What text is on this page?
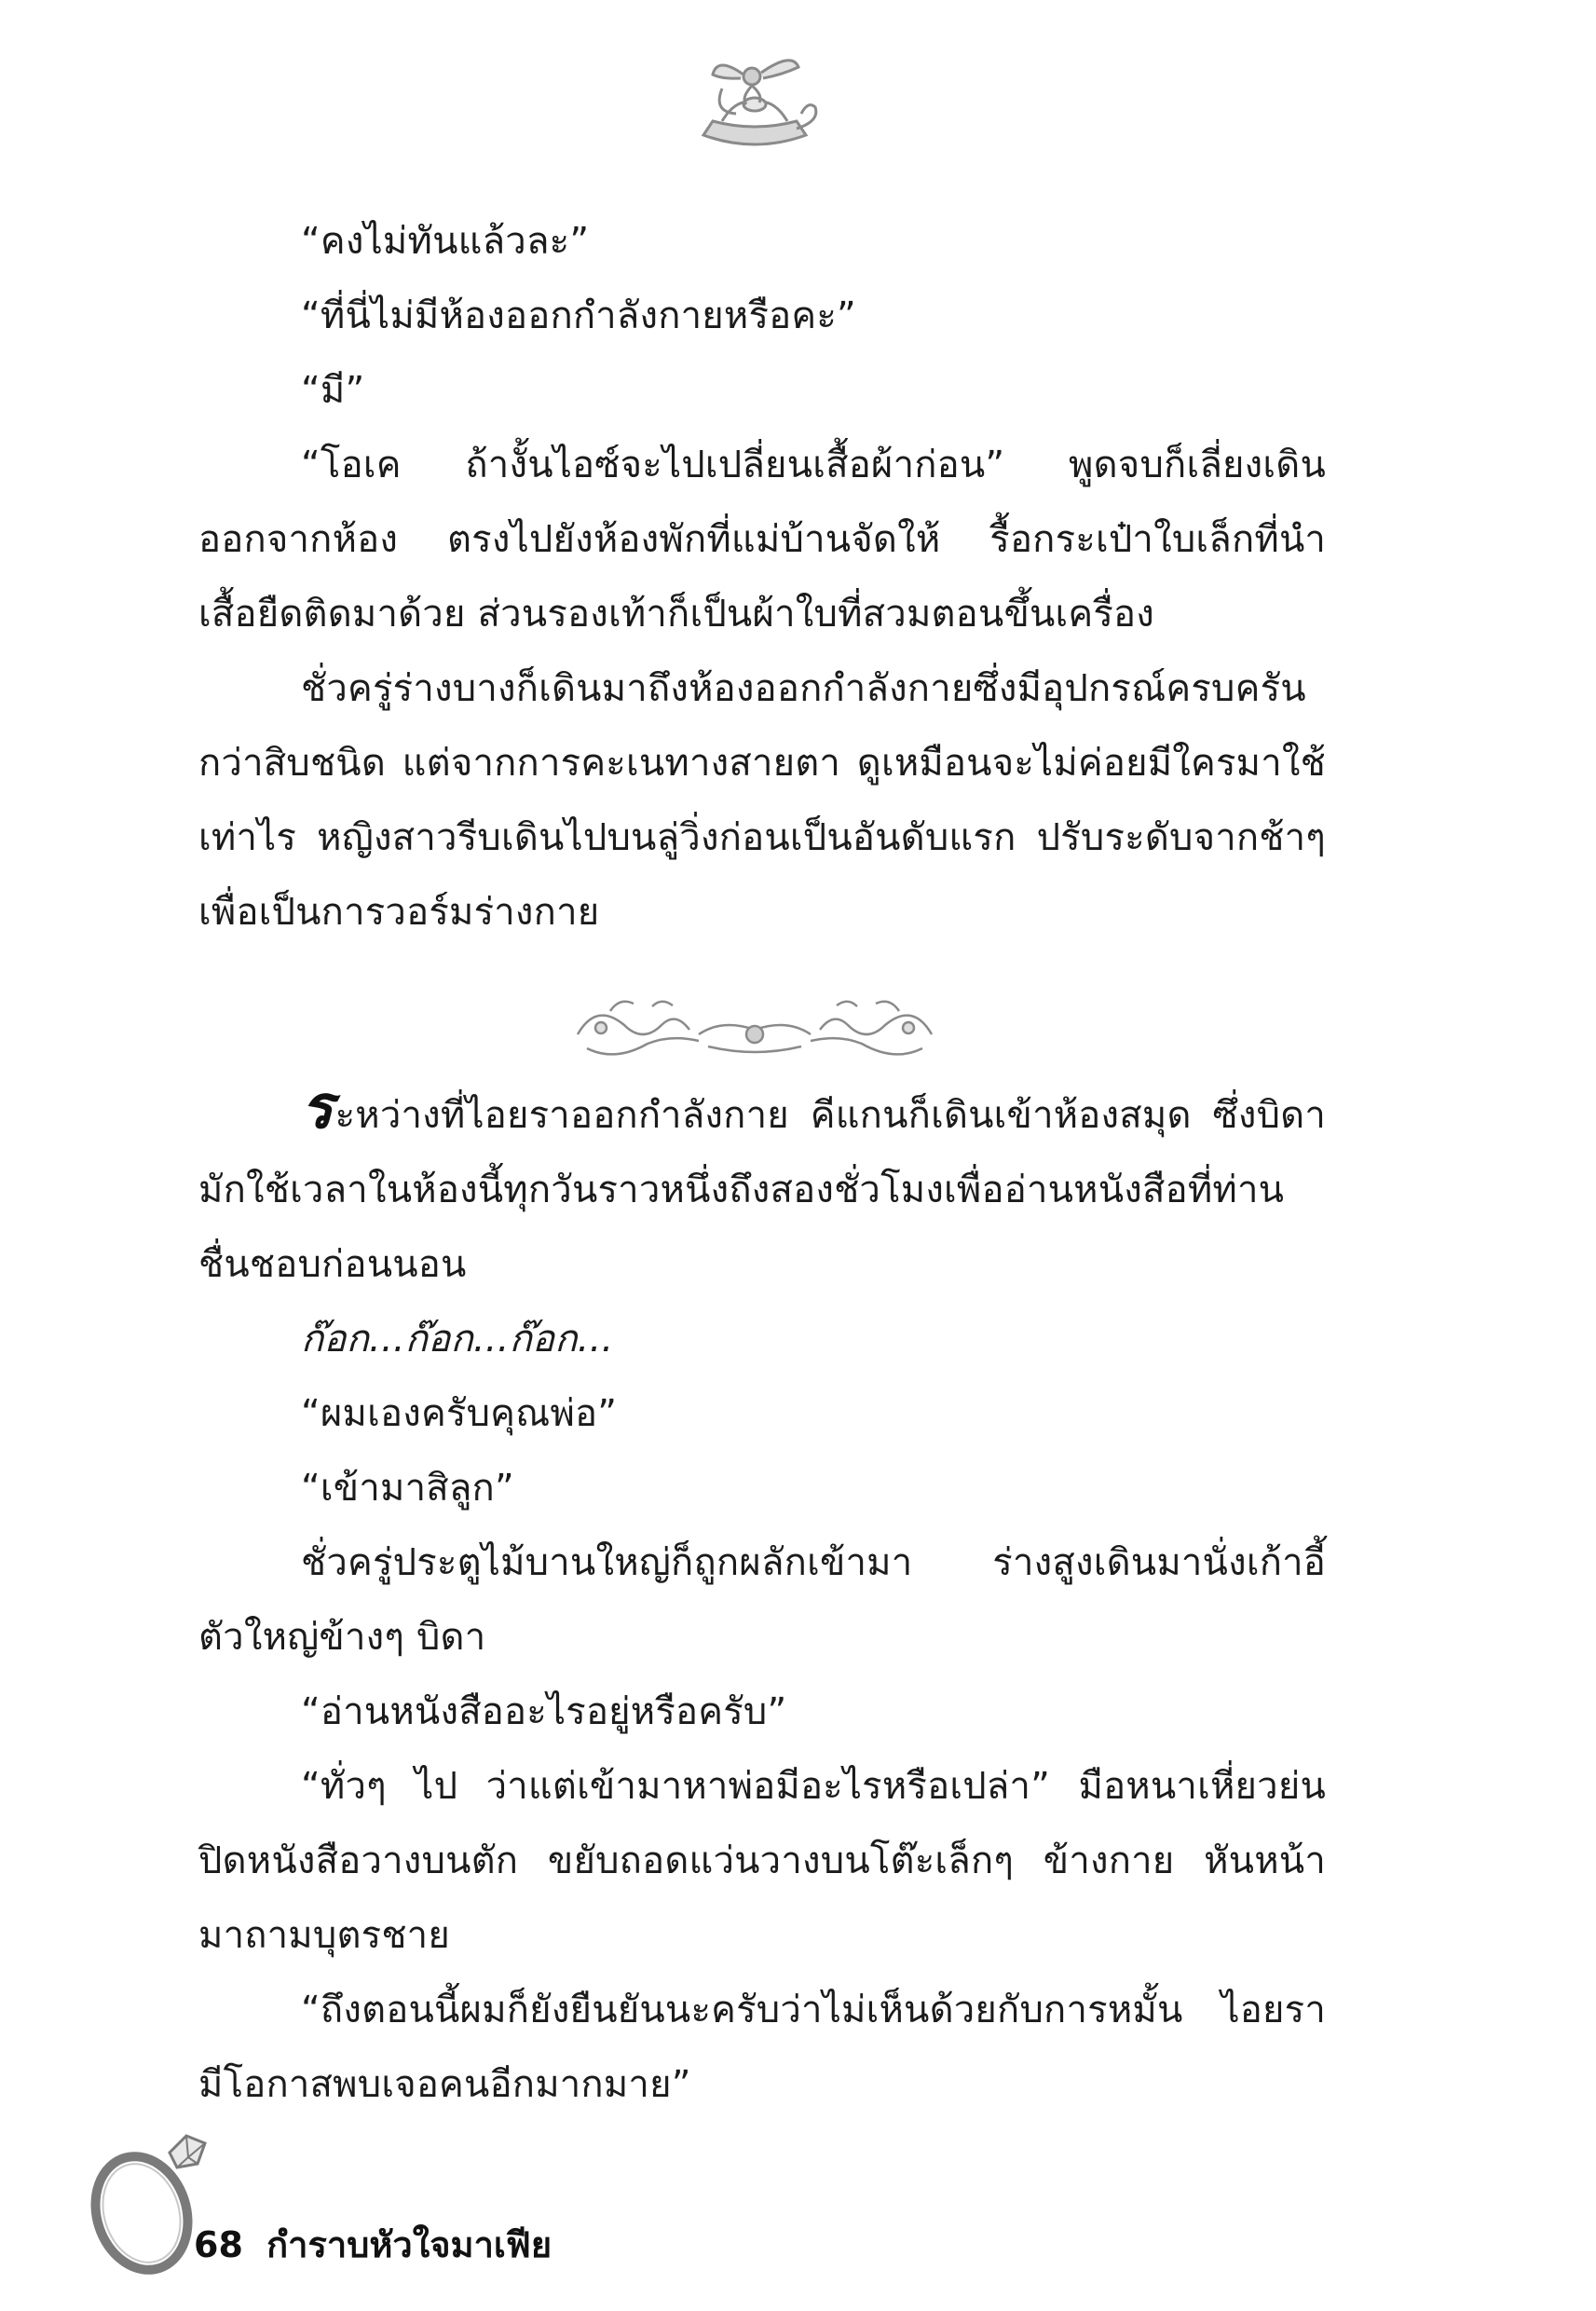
“คงไม่ทันแล้วละ”
“ที่นี่ไม่มีห้องออกกำลังกายหรือคะ”
“มี”
“โอเค ถ้างั้นไอซ์จะไปเปลี่ยนเสื้อผ้าก่อน” พูดจบก็เลี่ยงเดิน
ออกจากห้อง ตรงไปยังห้องพักที่แม่บ้านจัดให้ รื้อกระเป๋าใบเล็กที่นำ
เสื้อยืดติดมาด้วย ส่วนรองเท้าก็เป็นผ้าใบที่สวมตอนขึ้นเครื่อง
ชั่วครู่ร่างบางก็เดินมาถึงห้องออกกำลังกายซึ่งมีอุปกรณ์ครบครัน
กว่าสิบชนิด แต่จากการคะเนทางสายตา ดูเหมือนจะไม่ค่อยมีใครมาใช้
เท่าไร หญิงสาวรีบเดินไปบนลู่วิ่งก่อนเป็นอันดับแรก ปรับระดับจากช้าๆ
เพื่อเป็นการวอร์มร่างกาย
ระหว่างที่ไอยราออกกำลังกาย คีแกนก็เดินเข้าห้องสมุด ซึ่งบิดา
มักใช้เวลาในห้องนี้ทุกวันราวหนึ่งถึงสองชั่วโมงเพื่ออ่านหนังสือที่ท่าน
ชื่นชอบก่อนนอน
ก๊อก...ก๊อก...ก๊อก...
“ผมเองครับคุณพ่อ”
“เข้ามาสิลูก”
ชั่วครู่ประตูไม้บานใหญ่ก็ถูกผลักเข้ามา ร่างสูงเดินมานั่งเก้าอี้
ตัวใหญ่ข้างๆ บิดา
“อ่านหนังสืออะไรอยู่หรือครับ”
“ทั่วๆ ไป ว่าแต่เข้ามาหาพ่อมีอะไรหรือเปล่า” มือหนาเหี่ยวย่น
ปิดหนังสือวางบนตัก ขยับถอดแว่นวางบนโต๊ะเล็กๆ ข้างกาย หันหน้า
มาถามบุตรชาย
“ถึงตอนนี้ผมก็ยังยืนยันนะครับว่าไม่เห็นด้วยกับการหมั้น ไอยรา
มีโอกาสพบเจอคนอีกมากมาย”
68 กำราบหัวใจมาเฟีย
